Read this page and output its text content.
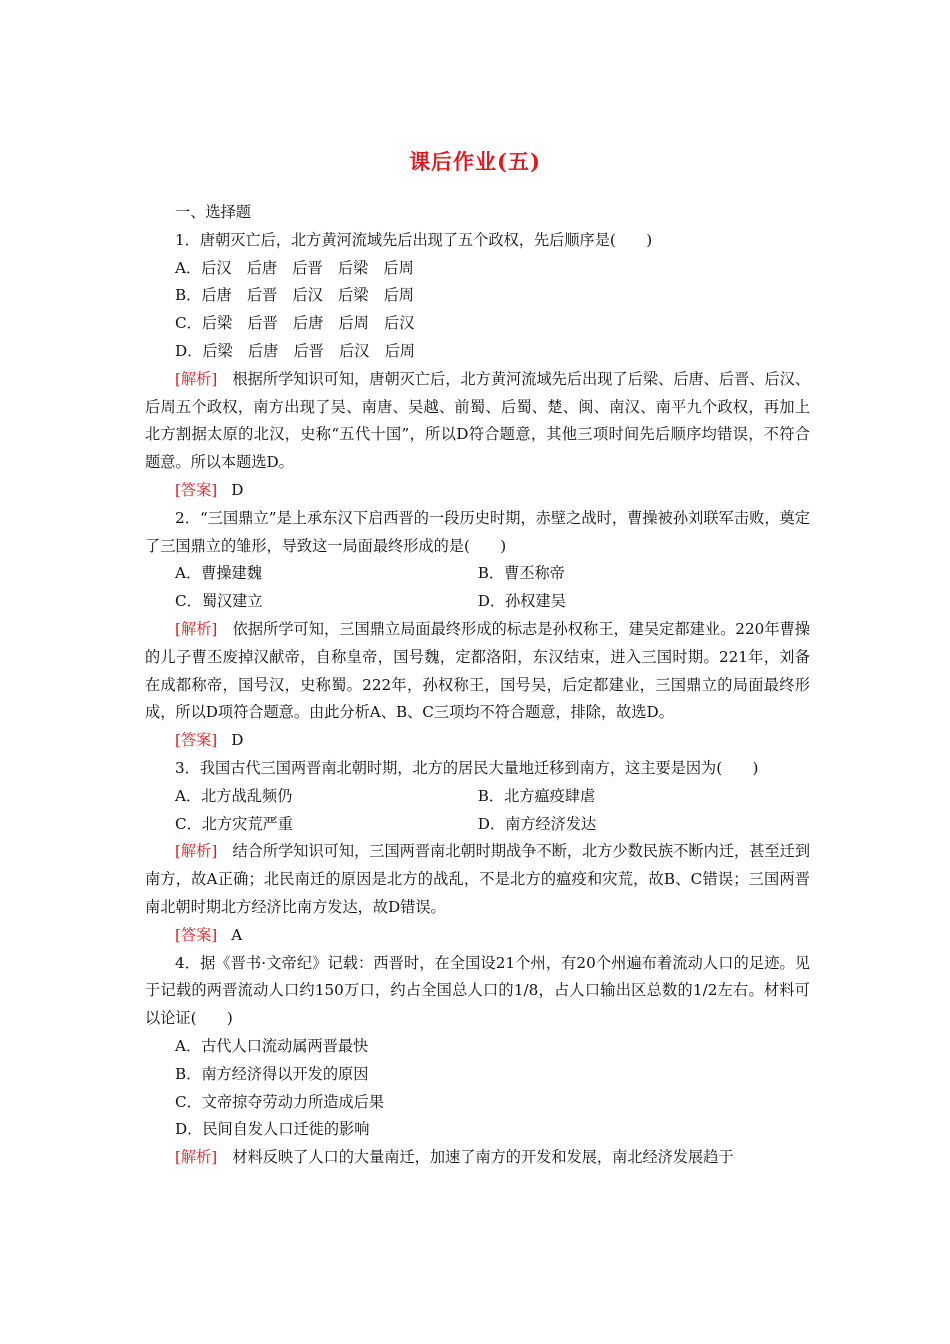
课后作业(五)
一、选择题
1．唐朝灭亡后，北方黄河流域先后出现了五个政权，先后顺序是(　　)
A．后汉　后唐　后晋　后梁　后周
B．后唐　后晋　后汉　后梁　后周
C．后梁　后晋　后唐　后周　后汉
D．后梁　后唐　后晋　后汉　后周
[解析]　 根据所学知识可知，唐朝灭亡后，北方黄河流域先后出现了后梁、后唐、后晋、后汉、后周五个政权，南方出现了吴、南唐、吴越、前蜀、后蜀、楚、闽、南汉、南平九个政权，再加上北方割据太原的北汉，史称“五代十国”，所以D符合题意，其他三项时间先后顺序均错误，不符合题意。所以本题选D。
[答案] D
2．“三国鼎立”是上承东汉下启西晋的一段历史时期，赤壁之战时，曹操被孙刘联军击败，奠定了三国鼎立的雏形，导致这一局面最终形成的是(　　)
A．曹操建魏	B．曹丕称帝
C．蜀汉建立	D．孙权建吴
[解析]　 依据所学可知，三国鼎立局面最终形成的标志是孙权称王，建吴定都建业。220年曹操的儿子曹丕废掉汉献帝，自称皇帝，国号魏，定都洛阳，东汉结束，进入三国时期。221年，刘备在成都称帝，国号汉，史称蜀。222年，孙权称王，国号吴，后定都建业，三国鼎立的局面最终形成，所以D项符合题意。由此分析A、B、C三项均不符合题意，排除，故选D。
[答案] D
3．我国古代三国两晋南北朝时期，北方的居民大量地迁移到南方，这主要是因为(　　)
A．北方战乱频仍	B．北方瘟疫肆虐
C．北方灾荒严重	D．南方经济发达
[解析]　 结合所学知识可知，三国两晋南北朝时期战争不断，北方少数民族不断内迁，甚至迁到南方，故A正确；北民南迁的原因是北方的战乱，不是北方的瘟疫和灾荒，故B、C错误；三国两晋南北朝时期北方经济比南方发达，故D错误。
[答案] A
4．据《晋书·文帝纪》记载：西晋时，在全国设21个州，有20个州遍布着流动人口的足迹。见于记载的两晋流动人口约150万口，约占全国总人口的1/8，占人口输出区总数的1/2左右。材料可以论证(　　)
A．古代人口流动属两晋最快
B．南方经济得以开发的原因
C．文帝掠夺劳动力所造成后果
D．民间自发人口迁徙的影响
[解析]　 材料反映了人口的大量南迁，加速了南方的开发和发展，南北经济发展趋于
